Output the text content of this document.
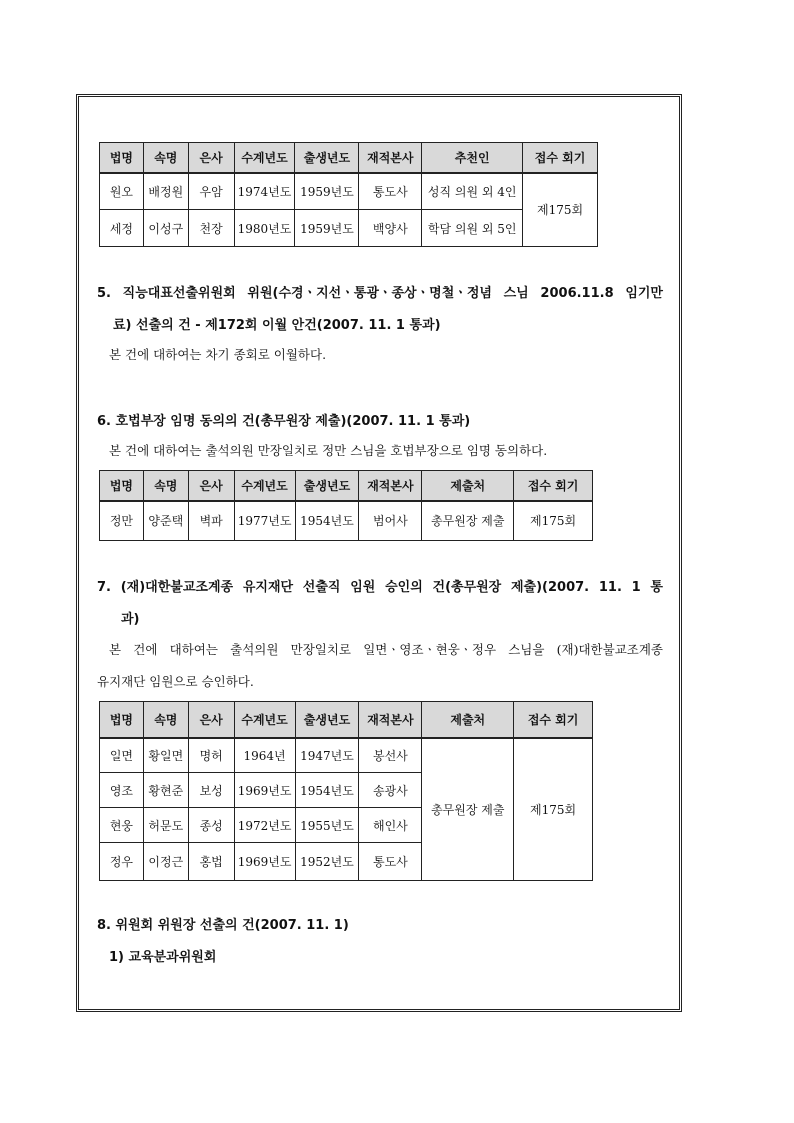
법명	속명	은사	수계년도	출생년도	재적본사	추천인	접수 회기
원오	배정원	우암	1974년도	1959년도	통도사	성직 의원 외 4인	제175회
세정	이성구	천장	1980년도	1959년도	백양사	학담 의원 외 5인	
5. 직능대표선출위원회 위원(수경ㆍ지선ㆍ통광ㆍ종상ㆍ명철ㆍ정념 스님 2006.11.8 임기만
료) 선출의 건 - 제172회 이월 안건(2007. 11. 1 통과)
본 건에 대하여는 차기 종회로 이월하다.
6. 호법부장 임명 동의의 건(총무원장 제출)(2007. 11. 1 통과)
본 건에 대하여는 출석의원 만장일치로 정만 스님을 호법부장으로 임명 동의하다.
법명	속명	은사	수계년도	출생년도	재적본사	제출처	접수 회기
정만	양준택	벽파	1977년도	1954년도	범어사	총무원장 제출	제175회
7. (재)대한불교조계종 유지재단 선출직 임원 승인의 건(총무원장 제출)(2007. 11. 1 통
과)
본 건에 대하여는 출석의원 만장일치로 일면ㆍ영조ㆍ현웅ㆍ정우 스님을 (재)대한불교조계종
유지재단 임원으로 승인하다.
법명	속명	은사	수계년도	출생년도	재적본사	제출처	접수 회기
일면	황일면	명허	1964년	1947년도	봉선사	총무원장 제출	제175회
영조	황현준	보성	1969년도	1954년도	송광사		
현웅	허문도	종성	1972년도	1955년도	해인사		
정우	이정근	홍법	1969년도	1952년도	통도사		
8. 위원회 위원장 선출의 건(2007. 11. 1)
1) 교육분과위원회
